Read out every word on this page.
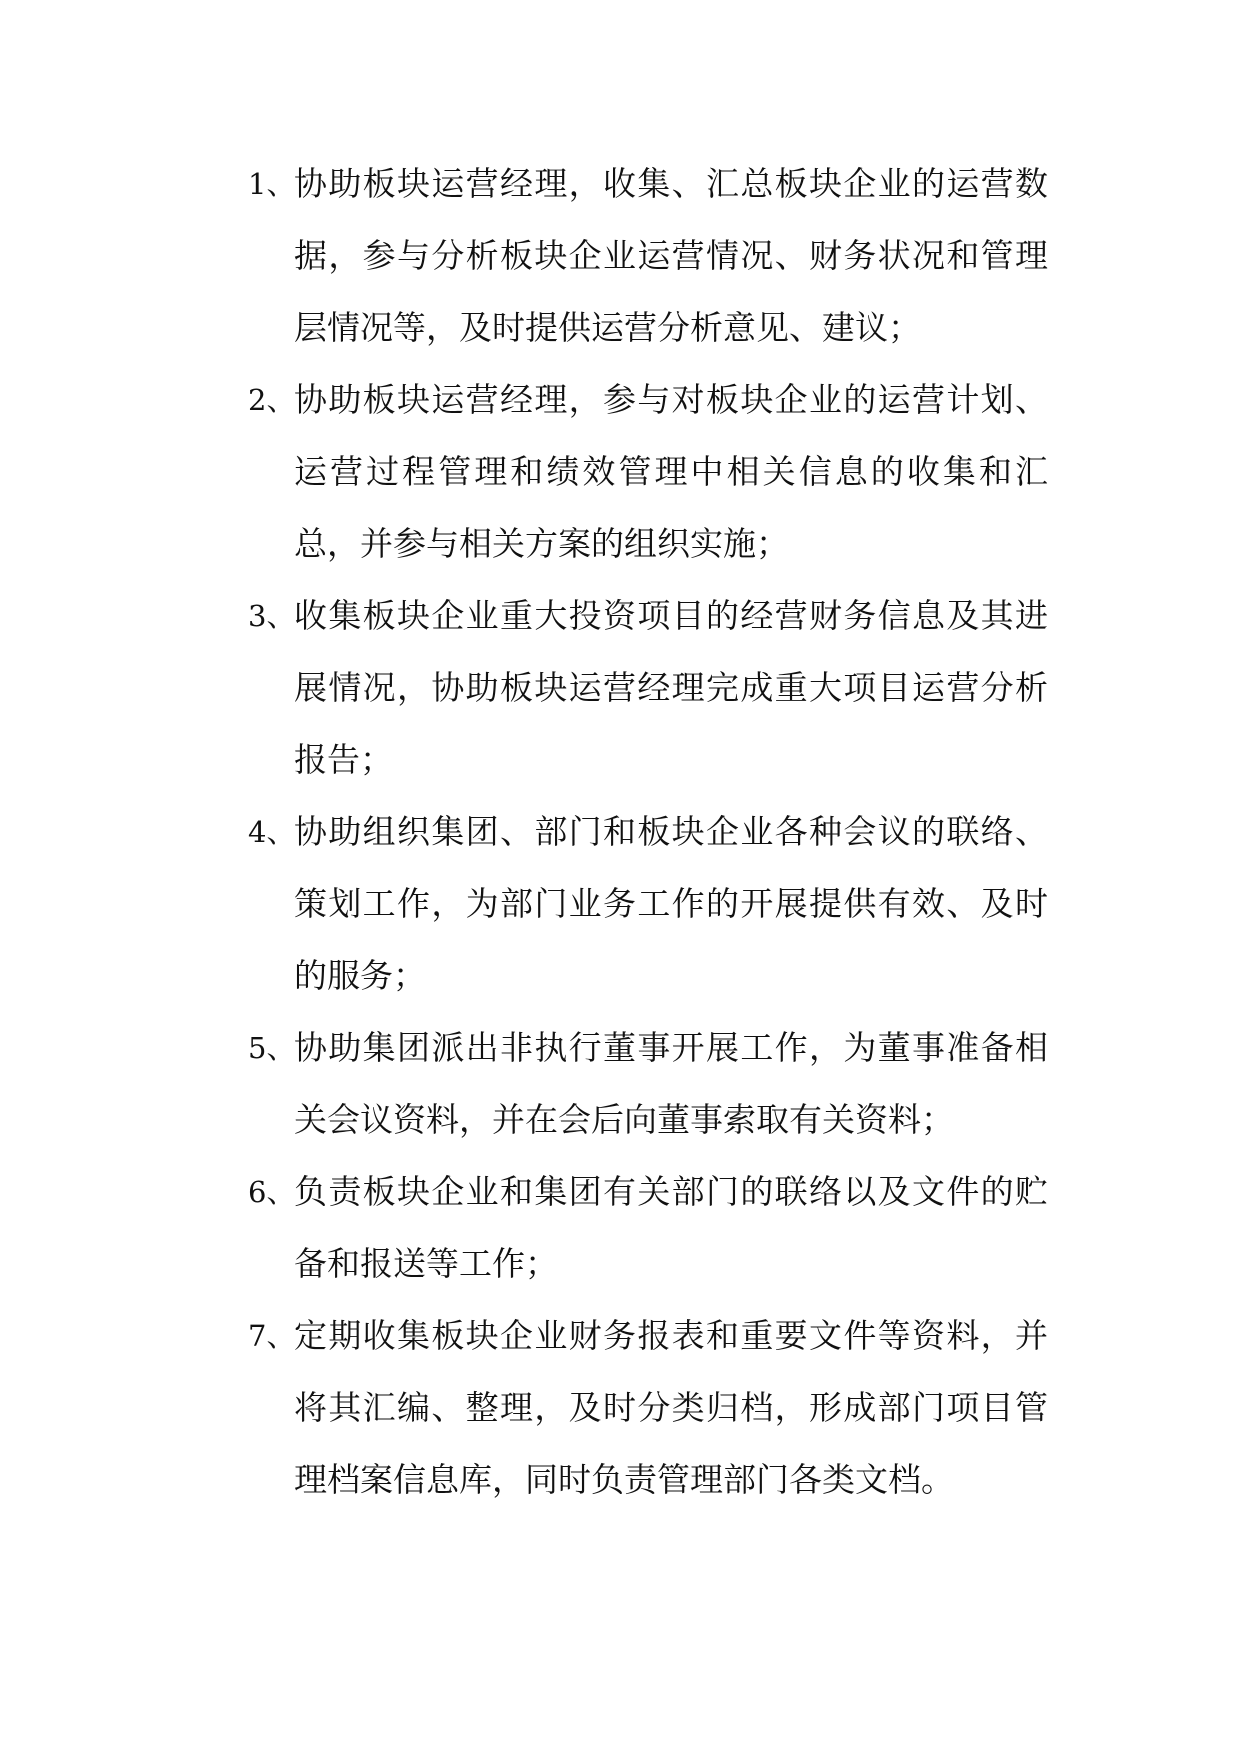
1、
协助板块运营经理，收集、汇总板块企业的运营数据，参与分析板块企业运营情况、财务状况和管理层情况等，及时提供运营分析意见、建议；
2、
协助板块运营经理，参与对板块企业的运营计划、运营过程管理和绩效管理中相关信息的收集和汇总，并参与相关方案的组织实施；
3、
收集板块企业重大投资项目的经营财务信息及其进展情况，协助板块运营经理完成重大项目运营分析报告；
4、
协助组织集团、部门和板块企业各种会议的联络、策划工作，为部门业务工作的开展提供有效、及时的服务；
5、
协助集团派出非执行董事开展工作，为董事准备相关会议资料，并在会后向董事索取有关资料；
6、
负责板块企业和集团有关部门的联络以及文件的贮备和报送等工作；
7、
定期收集板块企业财务报表和重要文件等资料，并将其汇编、整理，及时分类归档，形成部门项目管理档案信息库，同时负责管理部门各类文档。
